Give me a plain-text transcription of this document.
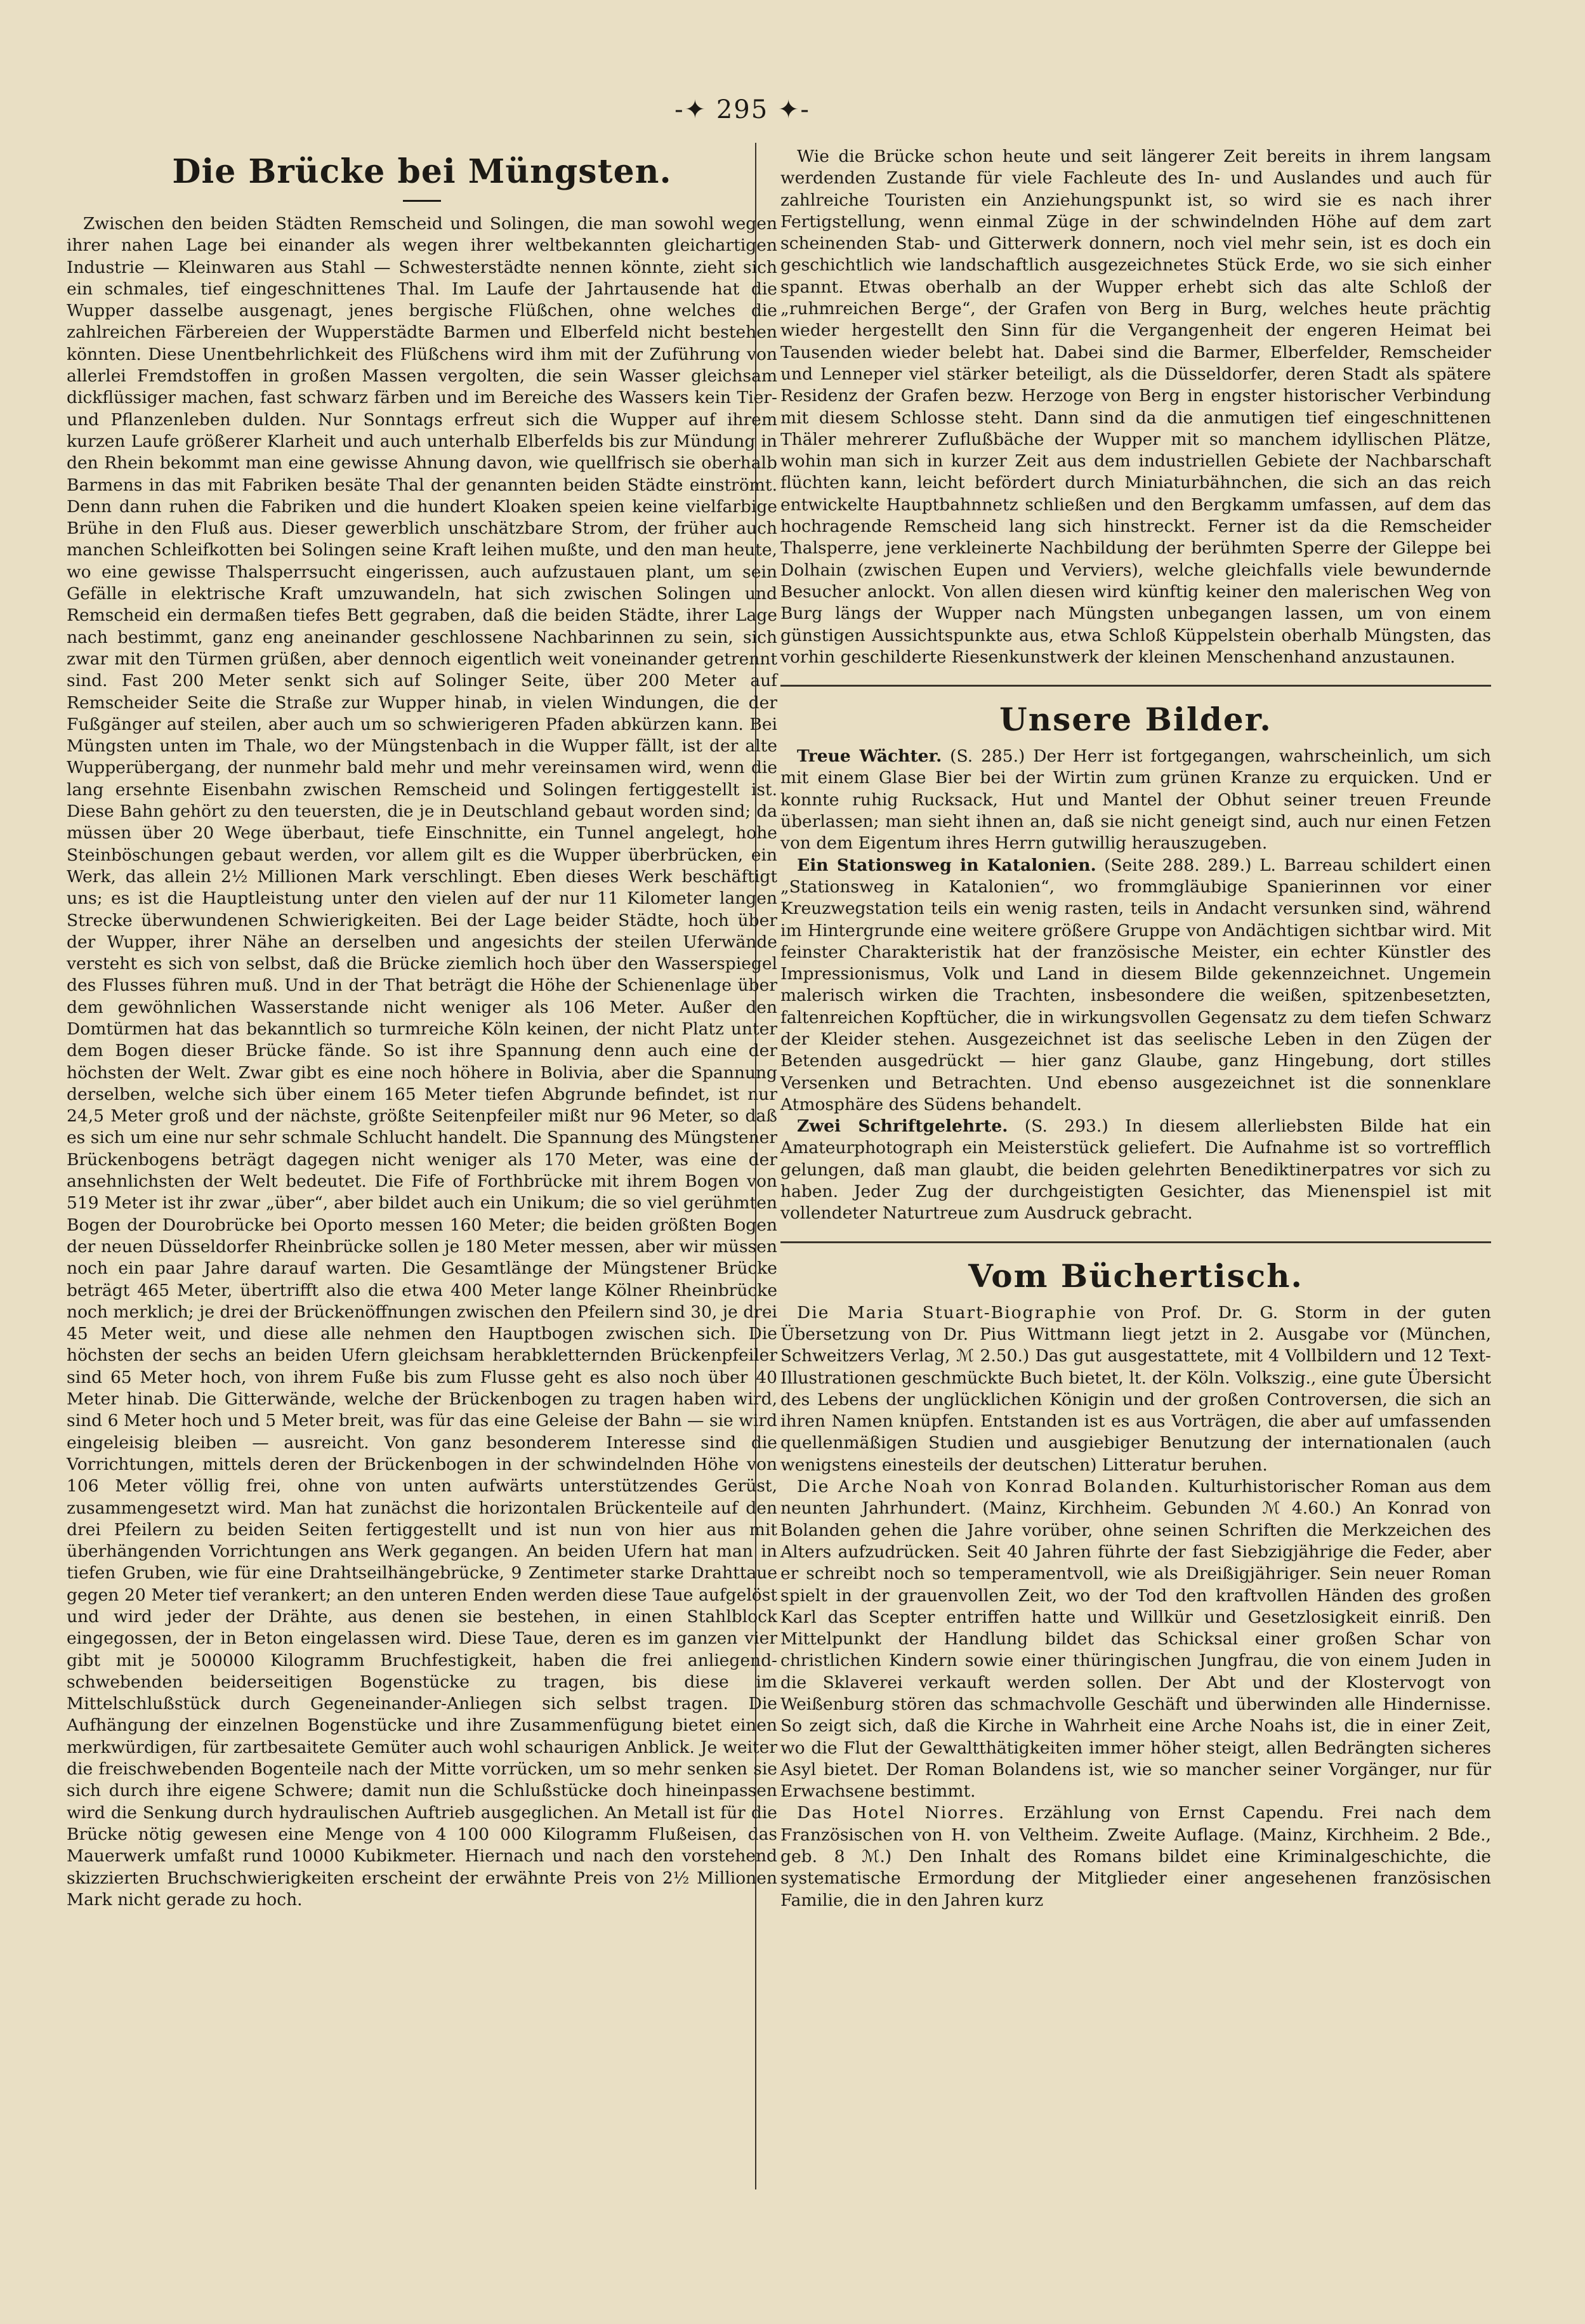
-✦ 295 ✦-
Die Brücke bei Müngsten.

Zwischen den beiden Städten Remscheid und Solingen, die man sowohl wegen ihrer nahen Lage bei einander als wegen ihrer weltbekannten gleichartigen Industrie — Kleinwaren aus Stahl — Schwesterstädte nennen könnte, zieht sich ein schmales, tief eingeschnittenes Thal. Im Laufe der Jahrtausende hat die Wupper dasselbe ausgenagt, jenes bergische Flüßchen, ohne welches die zahlreichen Färbereien der Wupperstädte Barmen und Elberfeld nicht bestehen könnten. Diese Unentbehrlichkeit des Flüßchens wird ihm mit der Zuführung von allerlei Fremdstoffen in großen Massen vergolten, die sein Wasser gleichsam dickflüssiger machen, fast schwarz färben und im Bereiche des Wassers kein Tier- und Pflanzenleben dulden. Nur Sonntags erfreut sich die Wupper auf ihrem kurzen Laufe größerer Klarheit und auch unterhalb Elberfelds bis zur Mündung in den Rhein bekommt man eine gewisse Ahnung davon, wie quellfrisch sie oberhalb Barmens in das mit Fabriken besäte Thal der genannten beiden Städte einströmt. Denn dann ruhen die Fabriken und die hundert Kloaken speien keine vielfarbige Brühe in den Fluß aus. Dieser gewerblich unschätzbare Strom, der früher auch manchen Schleifkotten bei Solingen seine Kraft leihen mußte, und den man heute, wo eine gewisse Thalsperrsucht eingerissen, auch aufzustauen plant, um sein Gefälle in elektrische Kraft umzuwandeln, hat sich zwischen Solingen und Remscheid ein dermaßen tiefes Bett gegraben, daß die beiden Städte, ihrer Lage nach bestimmt, ganz eng aneinander geschlossene Nachbarinnen zu sein, sich zwar mit den Türmen grüßen, aber dennoch eigentlich weit voneinander getrennt sind. Fast 200 Meter senkt sich auf Solinger Seite, über 200 Meter auf Remscheider Seite die Straße zur Wupper hinab, in vielen Windungen, die der Fußgänger auf steilen, aber auch um so schwierigeren Pfaden abkürzen kann. Bei Müngsten unten im Thale, wo der Müngstenbach in die Wupper fällt, ist der alte Wupperübergang, der nunmehr bald mehr und mehr vereinsamen wird, wenn die lang ersehnte Eisenbahn zwischen Remscheid und Solingen fertiggestellt ist. Diese Bahn gehört zu den teuersten, die je in Deutschland gebaut worden sind; da müssen über 20 Wege überbaut, tiefe Einschnitte, ein Tunnel angelegt, hohe Steinböschungen gebaut werden, vor allem gilt es die Wupper überbrücken, ein Werk, das allein 2½ Millionen Mark verschlingt. Eben dieses Werk beschäftigt uns; es ist die Hauptleistung unter den vielen auf der nur 11 Kilometer langen Strecke überwundenen Schwierigkeiten. Bei der Lage beider Städte, hoch über der Wupper, ihrer Nähe an derselben und angesichts der steilen Uferwände versteht es sich von selbst, daß die Brücke ziemlich hoch über den Wasserspiegel des Flusses führen muß. Und in der That beträgt die Höhe der Schienenlage über dem gewöhnlichen Wasserstande nicht weniger als 106 Meter. Außer den Domtürmen hat das bekanntlich so turmreiche Köln keinen, der nicht Platz unter dem Bogen dieser Brücke fände. So ist ihre Spannung denn auch eine der höchsten der Welt. Zwar gibt es eine noch höhere in Bolivia, aber die Spannung derselben, welche sich über einem 165 Meter tiefen Abgrunde befindet, ist nur 24,5 Meter groß und der nächste, größte Seitenpfeiler mißt nur 96 Meter, so daß es sich um eine nur sehr schmale Schlucht handelt. Die Spannung des Müngstener Brückenbogens beträgt dagegen nicht weniger als 170 Meter, was eine der ansehnlichsten der Welt bedeutet. Die Fife of Forthbrücke mit ihrem Bogen von 519 Meter ist ihr zwar „über“, aber bildet auch ein Unikum; die so viel gerühmten Bogen der Dourobrücke bei Oporto messen 160 Meter; die beiden größten Bogen der neuen Düsseldorfer Rheinbrücke sollen je 180 Meter messen, aber wir müssen noch ein paar Jahre darauf warten. Die Gesamtlänge der Müngstener Brücke beträgt 465 Meter, übertrifft also die etwa 400 Meter lange Kölner Rheinbrücke noch merklich; je drei der Brückenöffnungen zwischen den Pfeilern sind 30, je drei 45 Meter weit, und diese alle nehmen den Hauptbogen zwischen sich. Die höchsten der sechs an beiden Ufern gleichsam herabkletternden Brückenpfeiler sind 65 Meter hoch, von ihrem Fuße bis zum Flusse geht es also noch über 40 Meter hinab. Die Gitterwände, welche der Brückenbogen zu tragen haben wird, sind 6 Meter hoch und 5 Meter breit, was für das eine Geleise der Bahn — sie wird eingeleisig bleiben — ausreicht. Von ganz besonderem Interesse sind die Vorrichtungen, mittels deren der Brückenbogen in der schwindelnden Höhe von 106 Meter völlig frei, ohne von unten aufwärts unterstützendes Gerüst, zusammengesetzt wird. Man hat zunächst die horizontalen Brückenteile auf den drei Pfeilern zu beiden Seiten fertiggestellt und ist nun von hier aus mit überhängenden Vorrichtungen ans Werk gegangen. An beiden Ufern hat man in tiefen Gruben, wie für eine Drahtseilhängebrücke, 9 Zentimeter starke Drahttaue gegen 20 Meter tief verankert; an den unteren Enden werden diese Taue aufgelöst und wird jeder der Drähte, aus denen sie bestehen, in einen Stahlblock eingegossen, der in Beton eingelassen wird. Diese Taue, deren es im ganzen vier gibt mit je 500000 Kilogramm Bruchfestigkeit, haben die frei anliegend-schwebenden beiderseitigen Bogenstücke zu tragen, bis diese im Mittelschlußstück durch Gegeneinander-Anliegen sich selbst tragen. Die Aufhängung der einzelnen Bogenstücke und ihre Zusammenfügung bietet einen merkwürdigen, für zartbesaitete Gemüter auch wohl schaurigen Anblick. Je weiter die freischwebenden Bogenteile nach der Mitte vorrücken, um so mehr senken sie sich durch ihre eigene Schwere; damit nun die Schlußstücke doch hineinpassen wird die Senkung durch hydraulischen Auftrieb ausgeglichen. An Metall ist für die Brücke nötig gewesen eine Menge von 4 100 000 Kilogramm Flußeisen, das Mauerwerk umfaßt rund 10000 Kubikmeter. Hiernach und nach den vorstehend skizzierten Bruchschwierigkeiten erscheint der erwähnte Preis von 2½ Millionen Mark nicht gerade zu hoch.

Wie die Brücke schon heute und seit längerer Zeit bereits in ihrem langsam werdenden Zustande für viele Fachleute des In- und Auslandes und auch für zahlreiche Touristen ein Anziehungspunkt ist, so wird sie es nach ihrer Fertigstellung, wenn einmal Züge in der schwindelnden Höhe auf dem zart scheinenden Stab- und Gitterwerk donnern, noch viel mehr sein, ist es doch ein geschichtlich wie landschaftlich ausgezeichnetes Stück Erde, wo sie sich einher spannt. Etwas oberhalb an der Wupper erhebt sich das alte Schloß der „ruhmreichen Berge“, der Grafen von Berg in Burg, welches heute prächtig wieder hergestellt den Sinn für die Vergangenheit der engeren Heimat bei Tausenden wieder belebt hat. Dabei sind die Barmer, Elberfelder, Remscheider und Lenneper viel stärker beteiligt, als die Düsseldorfer, deren Stadt als spätere Residenz der Grafen bezw. Herzoge von Berg in engster historischer Verbindung mit diesem Schlosse steht. Dann sind da die anmutigen tief eingeschnittenen Thäler mehrerer Zuflußbäche der Wupper mit so manchem idyllischen Plätze, wohin man sich in kurzer Zeit aus dem industriellen Gebiete der Nachbarschaft flüchten kann, leicht befördert durch Miniaturbähnchen, die sich an das reich entwickelte Hauptbahnnetz schließen und den Bergkamm umfassen, auf dem das hochragende Remscheid lang sich hinstreckt. Ferner ist da die Remscheider Thalsperre, jene verkleinerte Nachbildung der berühmten Sperre der Gileppe bei Dolhain (zwischen Eupen und Verviers), welche gleichfalls viele bewundernde Besucher anlockt. Von allen diesen wird künftig keiner den malerischen Weg von Burg längs der Wupper nach Müngsten unbegangen lassen, um von einem günstigen Aussichtspunkte aus, etwa Schloß Küppelstein oberhalb Müngsten, das vorhin geschilderte Riesenkunstwerk der kleinen Menschenhand anzustaunen.

Unsere Bilder.

Treue Wächter. (S. 285.) Der Herr ist fortgegangen, wahrscheinlich, um sich mit einem Glase Bier bei der Wirtin zum grünen Kranze zu erquicken. Und er konnte ruhig Rucksack, Hut und Mantel der Obhut seiner treuen Freunde überlassen; man sieht ihnen an, daß sie nicht geneigt sind, auch nur einen Fetzen von dem Eigentum ihres Herrn gutwillig herauszugeben.

Ein Stationsweg in Katalonien. (Seite 288. 289.) L. Barreau schildert einen „Stationsweg in Katalonien“, wo frommgläubige Spanierinnen vor einer Kreuzwegstation teils ein wenig rasten, teils in Andacht versunken sind, während im Hintergrunde eine weitere größere Gruppe von Andächtigen sichtbar wird. Mit feinster Charakteristik hat der französische Meister, ein echter Künstler des Impressionismus, Volk und Land in diesem Bilde gekennzeichnet. Ungemein malerisch wirken die Trachten, insbesondere die weißen, spitzenbesetzten, faltenreichen Kopftücher, die in wirkungsvollen Gegensatz zu dem tiefen Schwarz der Kleider stehen. Ausgezeichnet ist das seelische Leben in den Zügen der Betenden ausgedrückt — hier ganz Glaube, ganz Hingebung, dort stilles Versenken und Betrachten. Und ebenso ausgezeichnet ist die sonnenklare Atmosphäre des Südens behandelt.

Zwei Schriftgelehrte. (S. 293.) In diesem allerliebsten Bilde hat ein Amateurphotograph ein Meisterstück geliefert. Die Aufnahme ist so vortrefflich gelungen, daß man glaubt, die beiden gelehrten Benediktinerpatres vor sich zu haben. Jeder Zug der durchgeistigten Gesichter, das Mienenspiel ist mit vollendeter Naturtreue zum Ausdruck gebracht.

Vom Büchertisch.

Die Maria Stuart-Biographie von Prof. Dr. G. Storm in der guten Übersetzung von Dr. Pius Wittmann liegt jetzt in 2. Ausgabe vor (München, Schweitzers Verlag, ℳ 2.50.) Das gut ausgestattete, mit 4 Vollbildern und 12 Text-Illustrationen geschmückte Buch bietet, lt. der Köln. Volkszig., eine gute Übersicht des Lebens der unglücklichen Königin und der großen Controversen, die sich an ihren Namen knüpfen. Entstanden ist es aus Vorträgen, die aber auf umfassenden quellenmäßigen Studien und ausgiebiger Benutzung der internationalen (auch wenigstens einesteils der deutschen) Litteratur beruhen.

Die Arche Noah von Konrad Bolanden. Kulturhistorischer Roman aus dem neunten Jahrhundert. (Mainz, Kirchheim. Gebunden ℳ 4.60.) An Konrad von Bolanden gehen die Jahre vorüber, ohne seinen Schriften die Merkzeichen des Alters aufzudrücken. Seit 40 Jahren führte der fast Siebzigjährige die Feder, aber er schreibt noch so temperamentvoll, wie als Dreißigjähriger. Sein neuer Roman spielt in der grauenvollen Zeit, wo der Tod den kraftvollen Händen des großen Karl das Scepter entriffen hatte und Willkür und Gesetzlosigkeit einriß. Den Mittelpunkt der Handlung bildet das Schicksal einer großen Schar von christlichen Kindern sowie einer thüringischen Jungfrau, die von einem Juden in die Sklaverei verkauft werden sollen. Der Abt und der Klostervogt von Weißenburg stören das schmachvolle Geschäft und überwinden alle Hindernisse. So zeigt sich, daß die Kirche in Wahrheit eine Arche Noahs ist, die in einer Zeit, wo die Flut der Gewaltthätigkeiten immer höher steigt, allen Bedrängten sicheres Asyl bietet. Der Roman Bolandens ist, wie so mancher seiner Vorgänger, nur für Erwachsene bestimmt.

Das Hotel Niorres. Erzählung von Ernst Capendu. Frei nach dem Französischen von H. von Veltheim. Zweite Auflage. (Mainz, Kirchheim. 2 Bde., geb. 8 ℳ.) Den Inhalt des Romans bildet eine Kriminalgeschichte, die systematische Ermordung der Mitglieder einer angesehenen französischen Familie, die in den Jahren kurz
